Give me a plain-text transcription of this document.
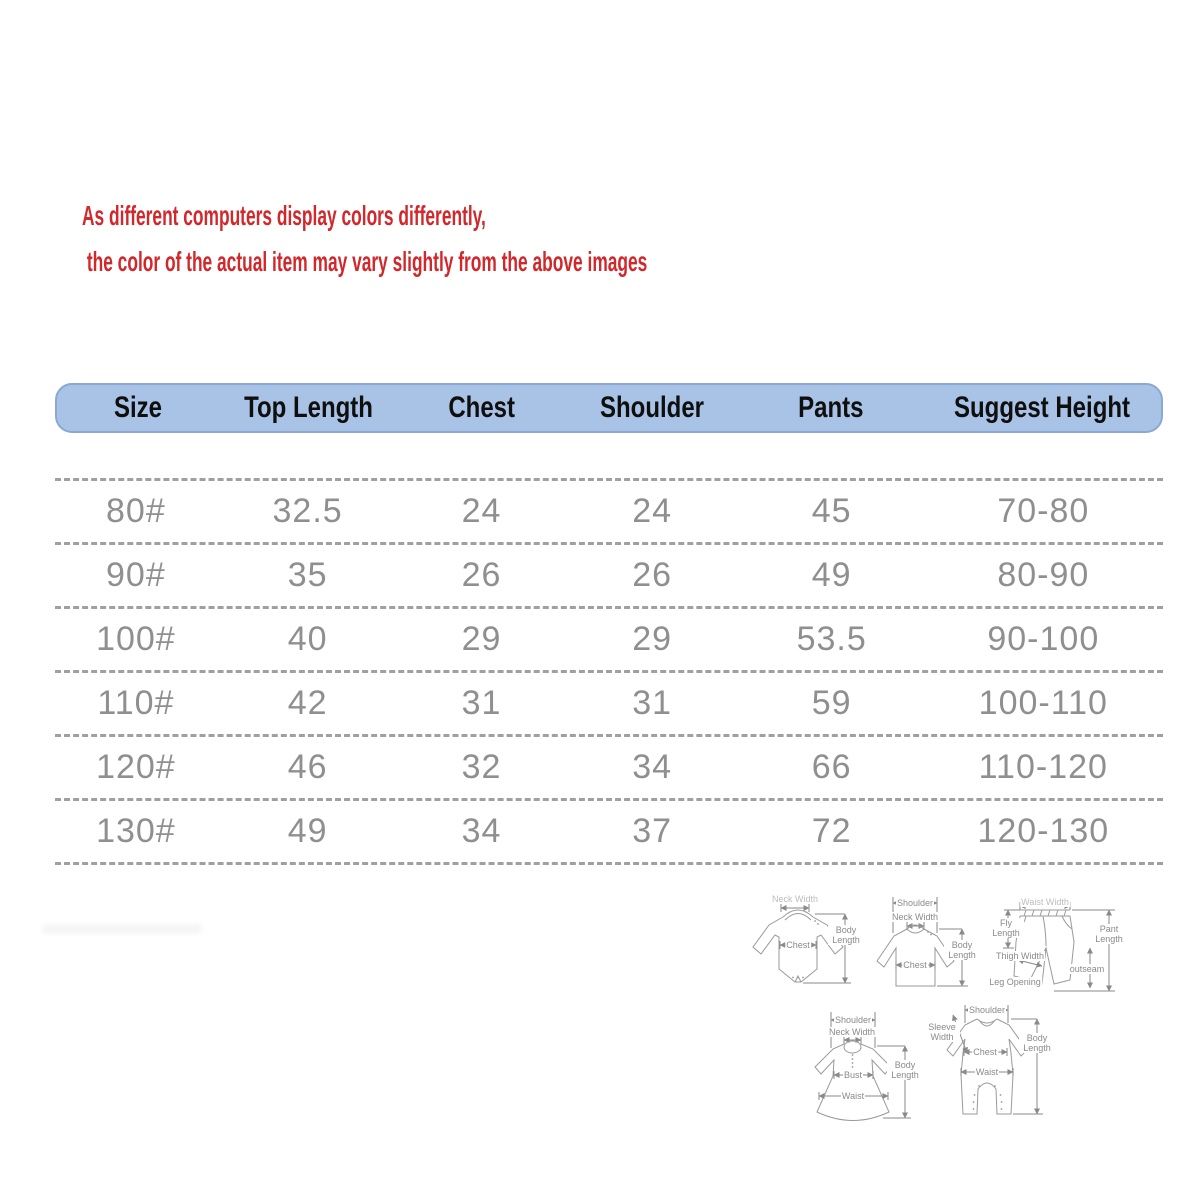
As different computers display colors differently,
the color of the actual item may vary slightly from the above images
Size	Top Length	Chest	Shoulder	Pants	Suggest Height
80#	32.5	24	24	45	70-80
90#	35	26	26	49	80-90
100#	40	29	29	53.5	90-100
110#	42	31	31	59	100-110
120#	46	32	34	66	110-120
130#	49	34	37	72	120-130
Neck Width
Chest
Body Length
Shoulder
Neck Width
Chest
Body Length
Waist Width
Fly Length	Pant Length
Thigh Width
outseam
Leg Opening
Shoulder
Neck Width
Bust
Waist
Body Length
Shoulder
Sleeve Width
Chest
Waist
Body Length
